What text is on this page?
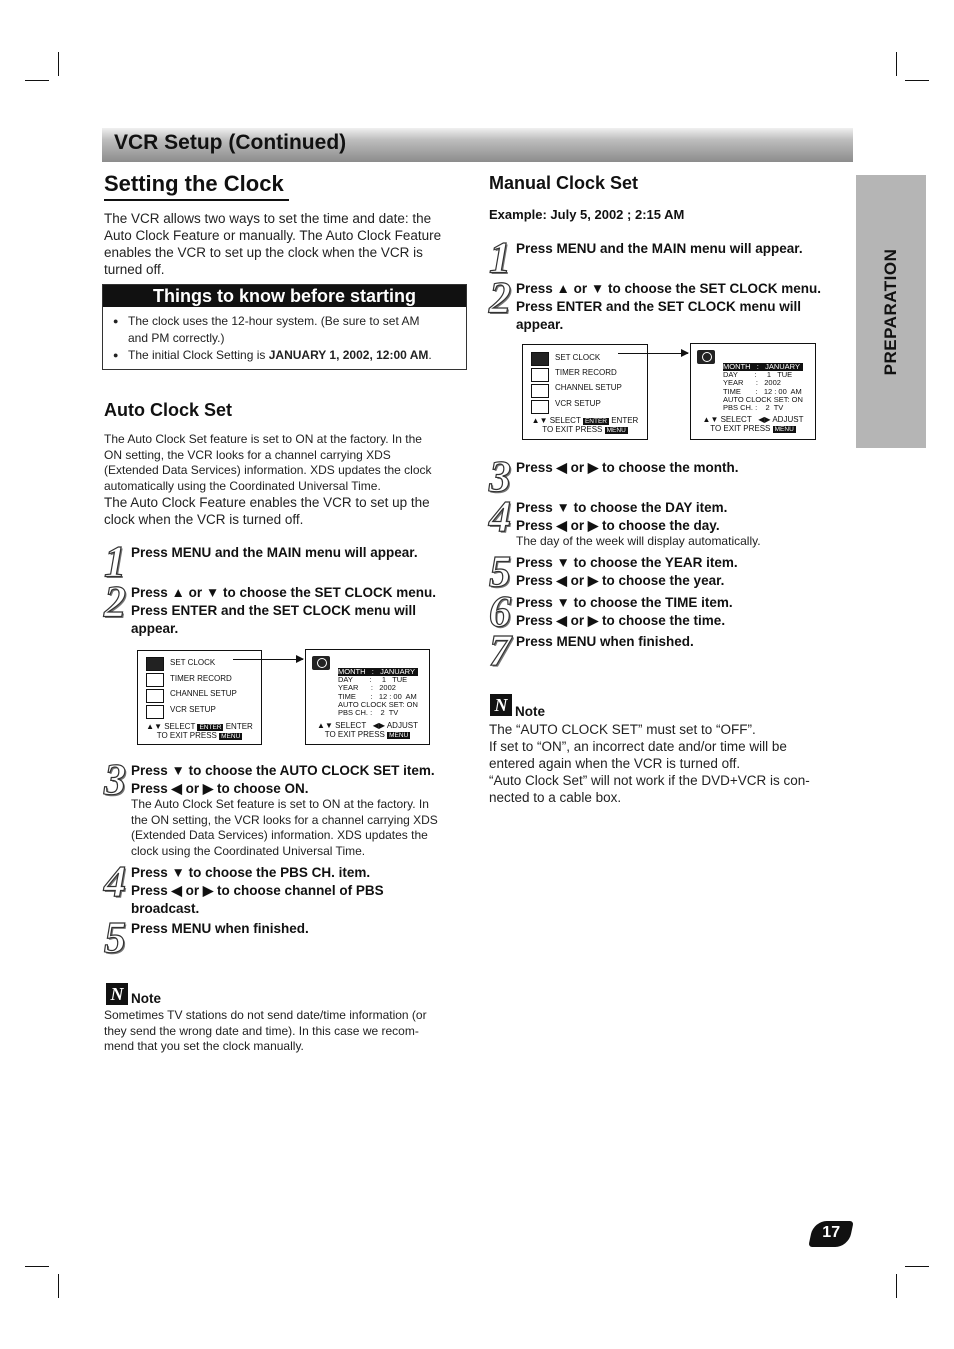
VCR Setup (Continued)
PREPARATION
Setting the Clock
The VCR allows two ways to set the time and date: the
Auto Clock Feature or manually. The Auto Clock Feature
enables the VCR to set up the clock when the VCR is
turned off.
Things to know before starting
● The clock uses the 12-hour system. (Be sure to set AM
and PM correctly.)
● The initial Clock Setting is JANUARY 1, 2002, 12:00 AM.
Auto Clock Set
The Auto Clock Set feature is set to ON at the factory. In the
ON setting, the VCR looks for a channel carrying XDS
(Extended Data Services) information. XDS updates the clock
automatically using the Coordinated Universal Time.
The Auto Clock Feature enables the VCR to set up the
clock when the VCR is turned off.
1 Press MENU and the MAIN menu will appear.
2 Press ▲ or ▼ to choose the SET CLOCK menu.
Press ENTER and the SET CLOCK menu will
appear.
SET CLOCK
TIMER RECORD
CHANNEL SETUP
VCR SETUP
▲▼ SELECT ENTER ENTER
TO EXIT PRESS MENU
MONTH   :   JANUARY
DAY        :     1   TUE
YEAR      :   2002
TIME       :   12 : 00  AM
AUTO CLOCK SET: ON
PBS CH. :    2  TV
▲▼ SELECT   ◀▶ ADJUST
TO EXIT PRESS MENU
3 Press ▼ to choose the AUTO CLOCK SET item.
Press ◀ or ▶ to choose ON.
The Auto Clock Set feature is set to ON at the factory. In
the ON setting, the VCR looks for a channel carrying XDS
(Extended Data Services) information. XDS updates the
clock using the Coordinated Universal Time.
4 Press ▼ to choose the PBS CH. item.
Press ◀ or ▶ to choose channel of PBS
broadcast.
5 Press MENU when finished.
N Note
Sometimes TV stations do not send date/time information (or
they send the wrong date and time). In this case we recom-
mend that you set the clock manually.
Manual Clock Set
Example: July 5, 2002 ; 2:15 AM
1 Press MENU and the MAIN menu will appear.
2 Press ▲ or ▼ to choose the SET CLOCK menu.
Press ENTER and the SET CLOCK menu will
appear.
SET CLOCK
TIMER RECORD
CHANNEL SETUP
VCR SETUP
▲▼ SELECT ENTER ENTER
TO EXIT PRESS MENU
MONTH   :   JANUARY
DAY        :     1   TUE
YEAR      :   2002
TIME       :   12 : 00  AM
AUTO CLOCK SET: ON
PBS CH. :    2  TV
▲▼ SELECT   ◀▶ ADJUST
TO EXIT PRESS MENU
3 Press ◀ or ▶ to choose the month.
4 Press ▼ to choose the DAY item.
Press ◀ or ▶ to choose the day.
The day of the week will display automatically.
5 Press ▼ to choose the YEAR item.
Press ◀ or ▶ to choose the year.
6 Press ▼ to choose the TIME item.
Press ◀ or ▶ to choose the time.
7 Press MENU when finished.
N Note
The “AUTO CLOCK SET” must set to “OFF”.
If set to “ON”, an incorrect date and/or time will be
entered again when the VCR is turned off.
“Auto Clock Set” will not work if the DVD+VCR is con-
nected to a cable box.
17
